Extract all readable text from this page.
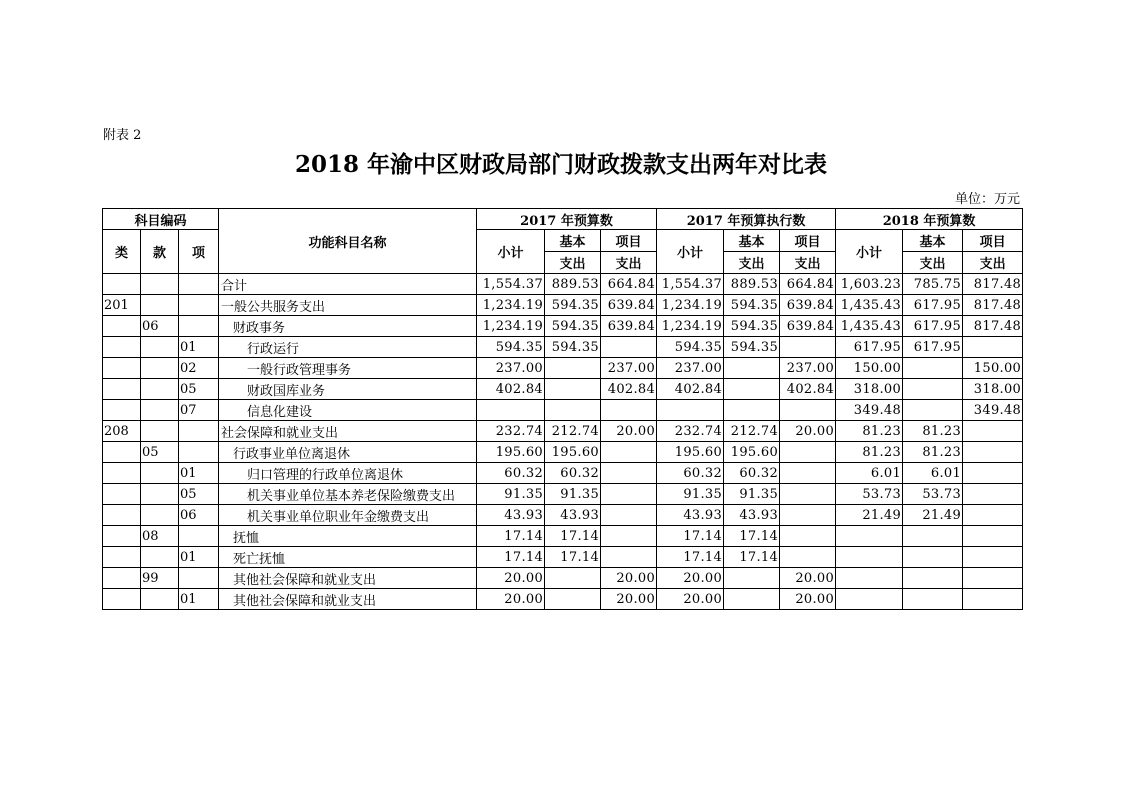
附表 2
2018 年渝中区财政局部门财政拨款支出两年对比表
单位：万元
科目编码			功能科目名称	2017 年预算数			2017 年预算执行数			2018 年预算数		
类	款	项		小计	基本	项目	小计	基本	项目	小计	基本	项目
					支出	支出		支出	支出		支出	支出
			合计	1,554.37	889.53	664.84	1,554.37	889.53	664.84	1,603.23	785.75	817.48
201			一般公共服务支出	1,234.19	594.35	639.84	1,234.19	594.35	639.84	1,435.43	617.95	817.48
	06		财政事务	1,234.19	594.35	639.84	1,234.19	594.35	639.84	1,435.43	617.95	817.48
		01	行政运行	594.35	594.35		594.35	594.35		617.95	617.95	
		02	一般行政管理事务	237.00		237.00	237.00		237.00	150.00		150.00
		05	财政国库业务	402.84		402.84	402.84		402.84	318.00		318.00
		07	信息化建设							349.48		349.48
208			社会保障和就业支出	232.74	212.74	20.00	232.74	212.74	20.00	81.23	81.23	
	05		行政事业单位离退休	195.60	195.60		195.60	195.60		81.23	81.23	
		01	归口管理的行政单位离退休	60.32	60.32		60.32	60.32		6.01	6.01	
		05	机关事业单位基本养老保险缴费支出	91.35	91.35		91.35	91.35		53.73	53.73	
		06	机关事业单位职业年金缴费支出	43.93	43.93		43.93	43.93		21.49	21.49	
	08		抚恤	17.14	17.14		17.14	17.14				
		01	死亡抚恤	17.14	17.14		17.14	17.14				
	99		其他社会保障和就业支出	20.00		20.00	20.00		20.00			
		01	其他社会保障和就业支出	20.00		20.00	20.00		20.00			
